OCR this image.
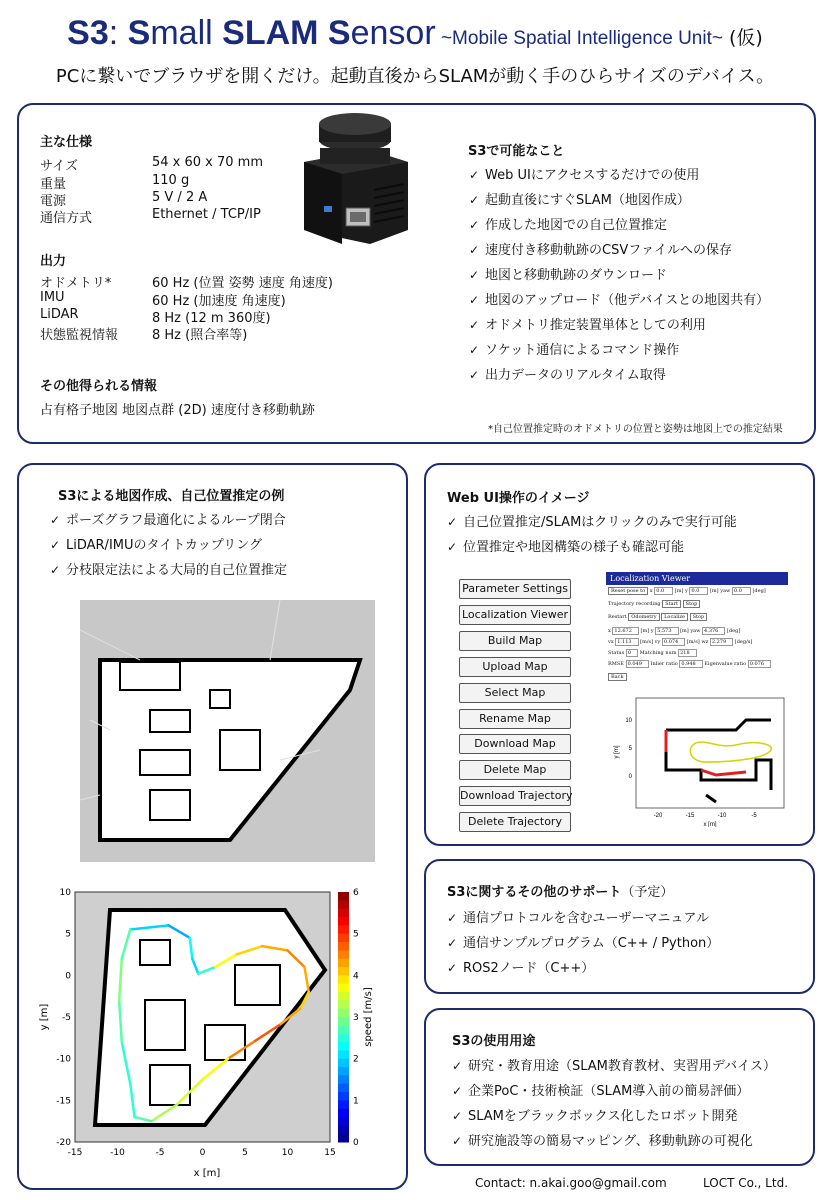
S3: Small SLAM Sensor ~Mobile Spatial Intelligence Unit~ (仮)
PCに繋いでブラウザを開くだけ。起動直後からSLAMが動く手のひらサイズのデバイス。
主な仕様
サイズ	54 x 60 x 70 mm
重量	110 g
電源	5 V / 2 A
通信方式	Ethernet / TCP/IP
出力
オドメトリ*	60 Hz (位置 姿勢 速度 角速度)
IMU	60 Hz (加速度 角速度)
LiDAR	8 Hz (12 m 360度)
状態監視情報	8 Hz (照合率等)
その他得られる情報
占有格子地図 地図点群 (2D) 速度付き移動軌跡
S3で可能なこと
✓ Web UIにアクセスするだけでの使用
✓ 起動直後にすぐSLAM（地図作成）
✓ 作成した地図での自己位置推定
✓ 速度付き移動軌跡のCSVファイルへの保存
✓ 地図と移動軌跡のダウンロード
✓ 地図のアップロード（他デバイスとの地図共有）
✓ オドメトリ推定装置単体としての利用
✓ ソケット通信によるコマンド操作
✓ 出力データのリアルタイム取得
*自己位置推定時のオドメトリの位置と姿勢は地図上での推定結果
S3による地図作成、自己位置推定の例
✓ ポーズグラフ最適化によるループ閉合
✓ LiDAR/IMUのタイトカップリング
✓ 分枝限定法による大局的自己位置推定
-15	-10	-5	0	5	10	15
10
5
0
-5
-10
-15
-20
x [m]
y [m]
0
1
2
3
4
5
6
speed [m/s]
Web UI操作のイメージ
✓ 自己位置推定/SLAMはクリックのみで実行可能
✓ 位置推定や地図構築の様子も確認可能
Parameter Settings
Localization Viewer
Build Map
Upload Map
Select Map
Rename Map
Download Map
Delete Map
Download Trajectory
Delete Trajectory
Localization Viewer
Reset pose to x 0.0 [m] y 0.0 [m] yaw 0.0 [deg]
Trajectory recording Start Stop
Restart Odometry Localize Stop
x 12.672 [m] y 5.573 [m] yaw 4.376 [deg]
vx 1.113 [m/s] vy 0.074 [m/s] wz 2.279 [deg/s]
Status 0 Matching num 218
RMSE 0.049 Inlier ratio 0.948 Eigenvalue ratio 0.076
Back
-20	-15	-10	-5
10
5
0
x [m]
y [m]
S3に関するその他のサポート（予定）
✓ 通信プロトコルを含むユーザーマニュアル
✓ 通信サンプルプログラム（C++ / Python）
✓ ROS2ノード（C++）
S3の使用用途
✓ 研究・教育用途（SLAM教育教材、実習用デバイス）
✓ 企業PoC・技術検証（SLAM導入前の簡易評価）
✓ SLAMをブラックボックス化したロボット開発
✓ 研究施設等の簡易マッピング、移動軌跡の可視化
Contact: n.akai.goo@gmail.com	LOCT Co., Ltd.
